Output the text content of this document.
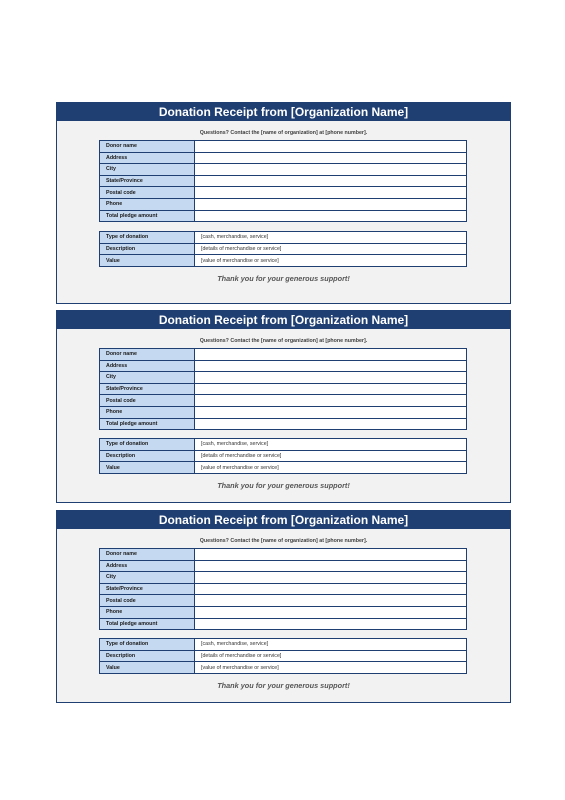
Donation Receipt from [Organization Name]
Questions? Contact the [name of organization] at [phone number].
Donor name	
Address	
City	
State/Province	
Postal code	
Phone	
Total pledge amount	
Type of donation	[cash, merchandise, service]
Description	[details of merchandise or service]
Value	[value of merchandise or service]
Thank you for your generous support!
Donation Receipt from [Organization Name]
Questions? Contact the [name of organization] at [phone number].
Donor name	
Address	
City	
State/Province	
Postal code	
Phone	
Total pledge amount	
Type of donation	[cash, merchandise, service]
Description	[details of merchandise or service]
Value	[value of merchandise or service]
Thank you for your generous support!
Donation Receipt from [Organization Name]
Questions? Contact the [name of organization] at [phone number].
Donor name	
Address	
City	
State/Province	
Postal code	
Phone	
Total pledge amount	
Type of donation	[cash, merchandise, service]
Description	[details of merchandise or service]
Value	[value of merchandise or service]
Thank you for your generous support!
